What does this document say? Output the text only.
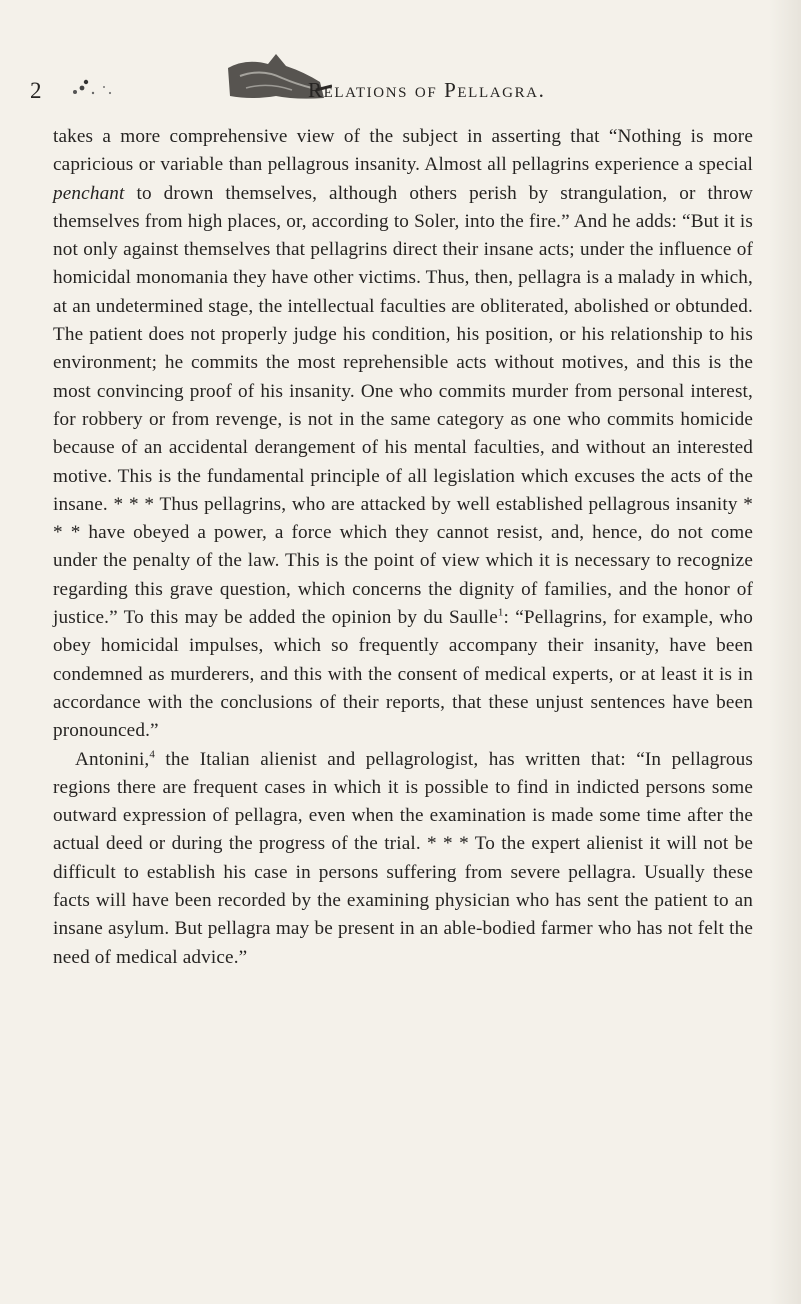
2	Relations of Pellagra.

takes a more comprehensive view of the subject in asserting that “Nothing is more capricious or variable than pellagrous insanity. Almost all pellagrins experience a special penchant to drown themselves, although others perish by strangulation, or throw themselves from high places, or, according to Soler, into the fire.” And he adds: “But it is not only against themselves that pellagrins direct their insane acts; under the influence of homicidal monomania they have other victims. Thus, then, pellagra is a malady in which, at an undetermined stage, the intellectual faculties are obliterated, abolished or obtunded. The patient does not properly judge his condition, his position, or his relationship to his environment; he commits the most reprehensible acts without motives, and this is the most convincing proof of his insanity. One who commits murder from personal interest, for robbery or from revenge, is not in the same category as one who commits homicide because of an accidental derangement of his mental faculties, and without an interested motive. This is the fundamental principle of all legislation which excuses the acts of the insane. * * * Thus pellagrins, who are attacked by well established pellagrous insanity * * * have obeyed a power, a force which they cannot resist, and, hence, do not come under the penalty of the law. This is the point of view which it is necessary to recognize regarding this grave question, which concerns the dignity of families, and the honor of justice.” To this may be added the opinion by du Saulle$^1$: “Pellagrins, for example, who obey homicidal impulses, which so frequently accompany their insanity, have been condemned as murderers, and this with the consent of medical experts, or at least it is in accordance with the conclusions of their reports, that these unjust sentences have been pronounced.”

Antonini,$^4$ the Italian alienist and pellagrologist, has written that: “In pellagrous regions there are frequent cases in which it is possible to find in indicted persons some outward expression of pellagra, even when the examination is made some time after the actual deed or during the progress of the trial. * * * To the expert alienist it will not be difficult to establish his case in persons suffering from severe pellagra. Usually these facts will have been recorded by the examining physician who has sent the patient to an insane asylum. But pellagra may be present in an able-bodied farmer who has not felt the need of medical advice.”
